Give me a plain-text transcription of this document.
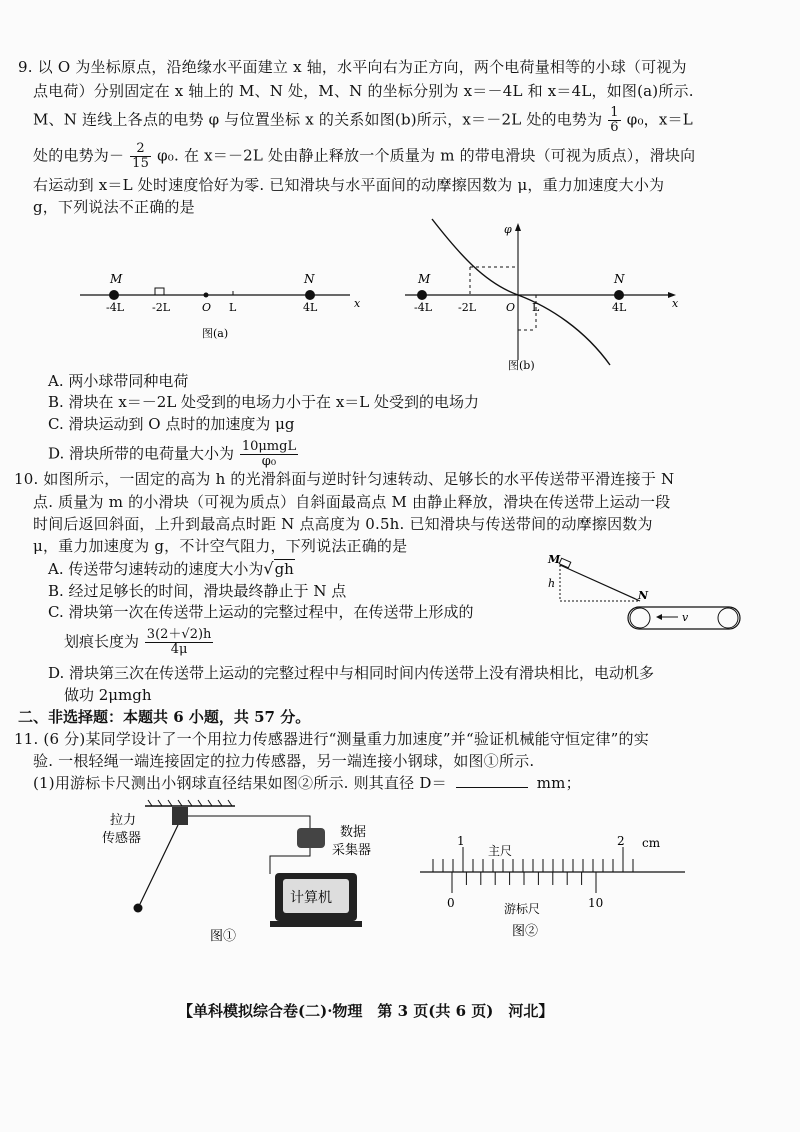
9. 以 O 为坐标原点，沿绝缘水平面建立 x 轴，水平向右为正方向，两个电荷量相等的小球（可视为
点电荷）分别固定在 x 轴上的 M、N 处，M、N 的坐标分别为 x＝－4L 和 x＝4L，如图(a)所示.
M、N 连线上各点的电势 φ 与位置坐标 x 的关系如图(b)所示，x＝－2L 处的电势为 $\frac{1}{6} \varphi_0$，x＝L
处的电势为－ $\frac{2}{15} \varphi_0$. 在 x＝－2L 处由静止释放一个质量为 m 的带电滑块（可视为质点），滑块向
右运动到 x＝L 处时速度恰好为零. 已知滑块与水平面间的动摩擦因数为 μ，重力加速度大小为
g，下列说法不正确的是
M	N
-4L	-2L	O L	4L	x
图(a)
φ
M	N
-4L -2L	O L	4L	x
图(b)
A. 两小球带同种电荷
B. 滑块在 x＝－2L 处受到的电场力小于在 x＝L 处受到的电场力
C. 滑块运动到 O 点时的加速度为 μg
D. 滑块所带的电荷量大小为 $\frac{\text{10μmgL}}{\text{φ₀}}$
10. 如图所示，一固定的高为 h 的光滑斜面与逆时针匀速转动、足够长的水平传送带平滑连接于 N
点. 质量为 m 的小滑块（可视为质点）自斜面最高点 M 由静止释放，滑块在传送带上运动一段
时间后返回斜面，上升到最高点时距 N 点高度为 0.5h. 已知滑块与传送带间的动摩擦因数为
μ，重力加速度为 g，不计空气阻力，下列说法正确的是
A. 传送带匀速转动的速度大小为√gh
B. 经过足够长的时间，滑块最终静止于 N 点
C. 滑块第一次在传送带上运动的完整过程中，在传送带上形成的
划痕长度为 $\frac{3(2+√2)h}{4\mu}$
D. 滑块第三次在传送带上运动的完整过程中与相同时间内传送带上没有滑块相比，电动机多
做功 2μmgh
M
h
N
v
二、非选择题：本题共 6 小题，共 57 分。
11. (6 分)某同学设计了一个用拉力传感器进行“测量重力加速度”并“验证机械能守恒定律”的实
验. 一根轻绳一端连接固定的拉力传感器，另一端连接小钢球，如图①所示.
(1)用游标卡尺测出小钢球直径结果如图②所示. 则其直径 D＝	mm；
拉力
传感器	数据
采集器
计算机
图①
1	2 cm
主尺
0	10
游标尺
图②
【单科模拟综合卷(二)·物理　第 3 页(共 6 页)　河北】
